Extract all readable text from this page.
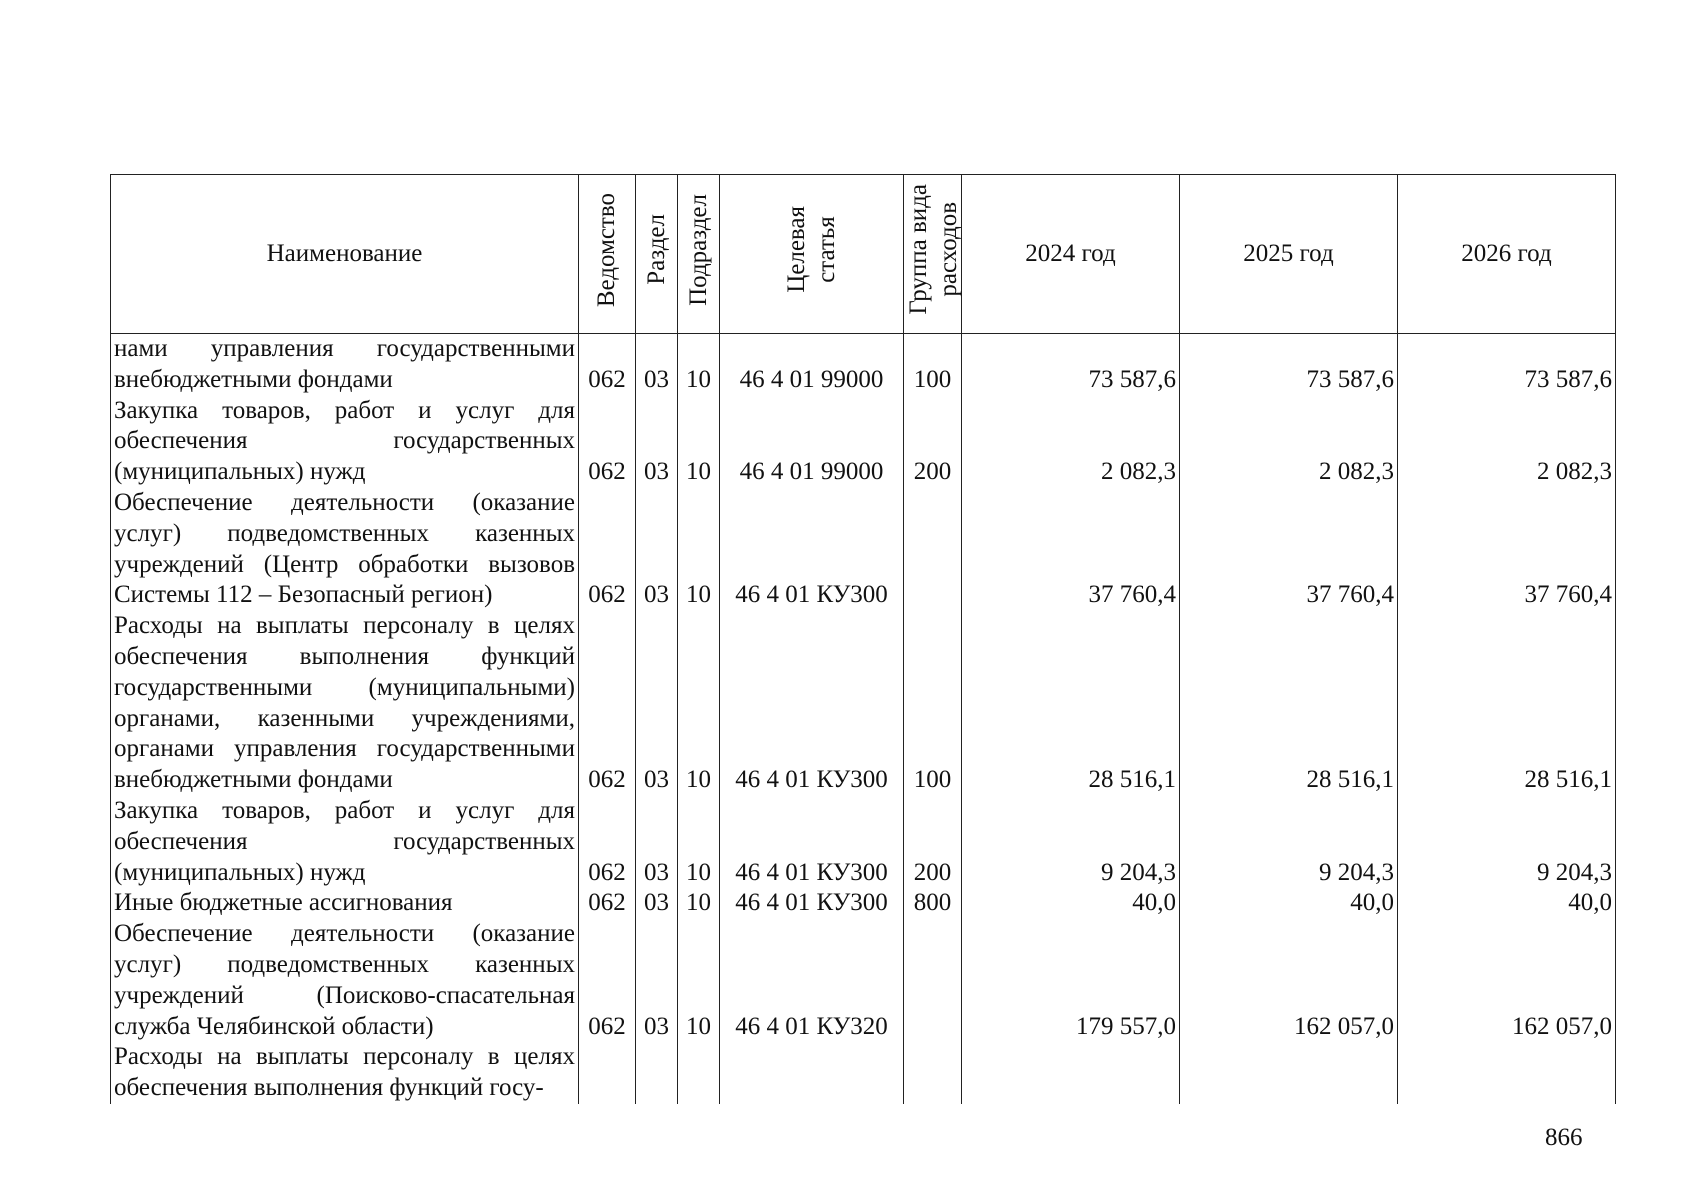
Наименование	Ведомство	Раздел	Подраздел	Целевая статья	Группа вида расходов	2024 год	2025 год	2026 год
нами управления государственными внебюджетными фондами	062	03	10	46 4 01 99000	100	73 587,6	73 587,6	73 587,6
Закупка товаров, работ и услуг для обеспечения государственных (муниципальных) нужд	062	03	10	46 4 01 99000	200	2 082,3	2 082,3	2 082,3
Обеспечение деятельности (оказание услуг) подведомственных казенных учреждений (Центр обработки вызовов Системы 112 – Безопасный регион)	062	03	10	46 4 01 КУ300		37 760,4	37 760,4	37 760,4
Расходы на выплаты персоналу в целях обеспечения выполнения функций государственными (муниципальными) органами, казенными учреждениями, органами управления государственными внебюджетными фондами	062	03	10	46 4 01 КУ300	100	28 516,1	28 516,1	28 516,1
Закупка товаров, работ и услуг для обеспечения государственных (муниципальных) нужд	062	03	10	46 4 01 КУ300	200	9 204,3	9 204,3	9 204,3
Иные бюджетные ассигнования	062	03	10	46 4 01 КУ300	800	40,0	40,0	40,0
Обеспечение деятельности (оказание услуг) подведомственных казенных учреждений (Поисково-спасательная служба Челябинской области)	062	03	10	46 4 01 КУ320		179 557,0	162 057,0	162 057,0
Расходы на выплаты персоналу в целях обеспечения выполнения функций госу-								
866
